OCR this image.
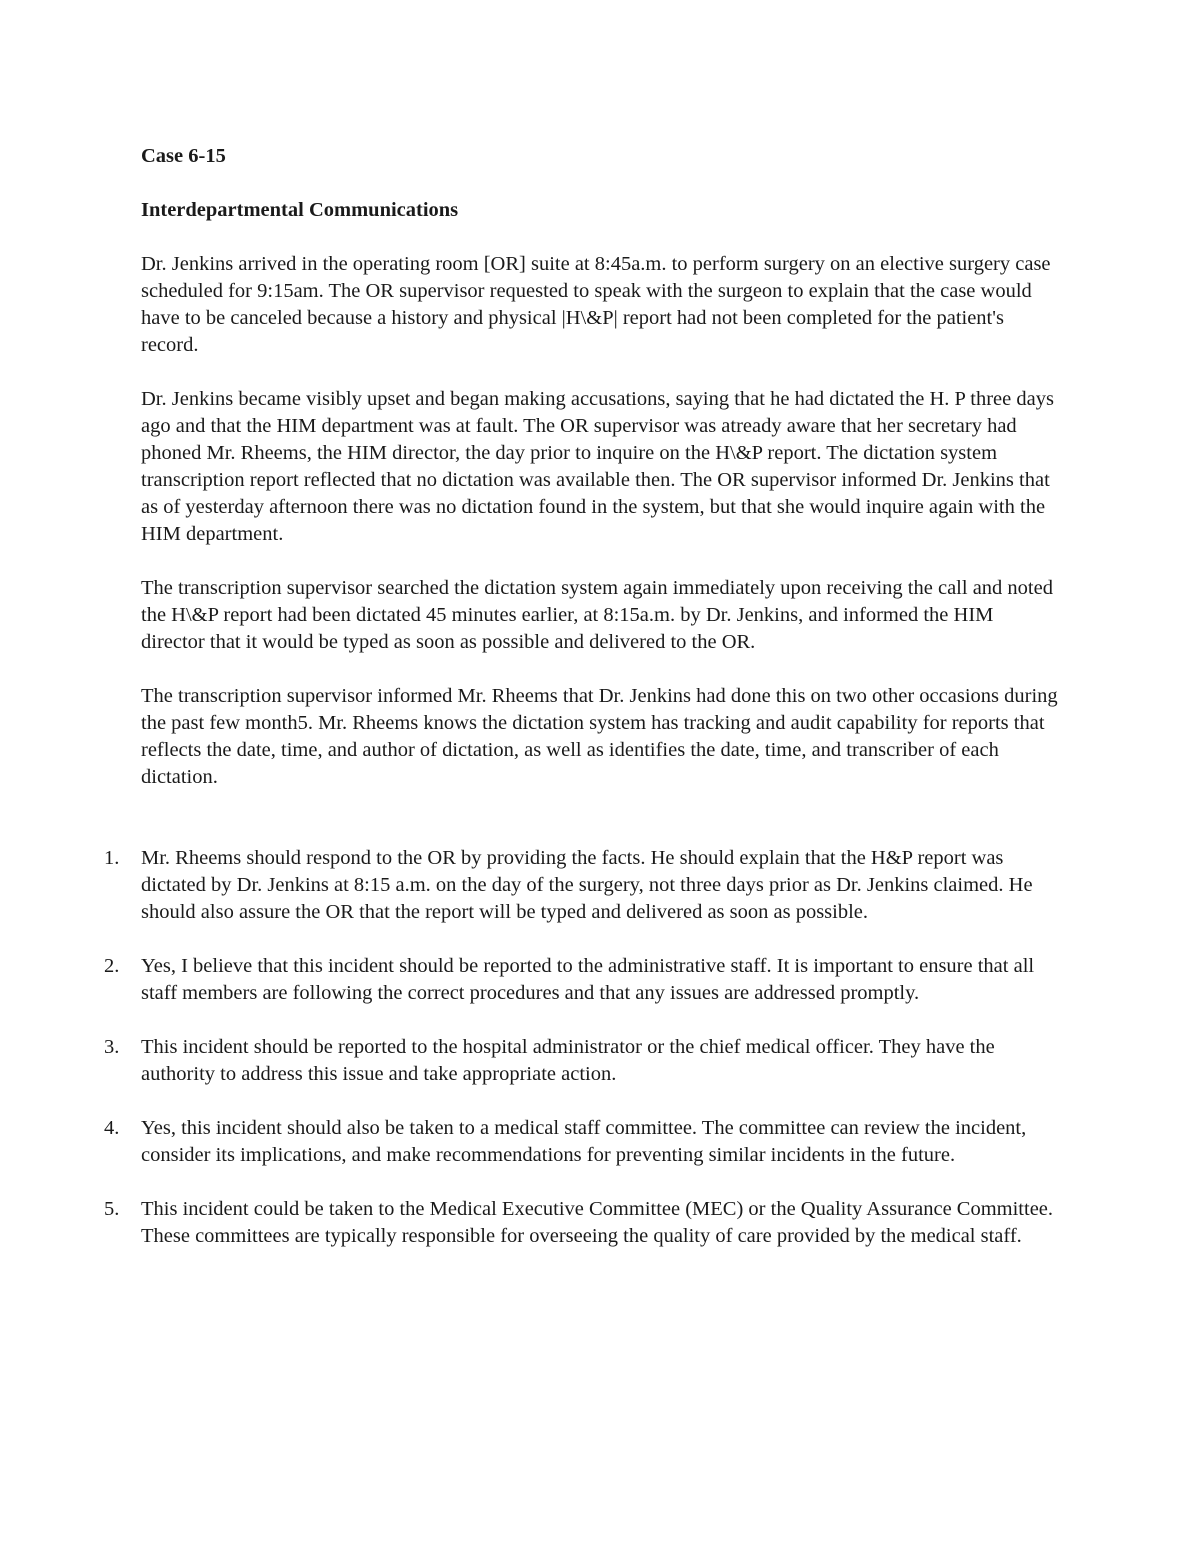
Case 6-15
Interdepartmental Communications

Dr. Jenkins arrived in the operating room [OR] suite at 8:45a.m. to perform surgery on an elective surgery case scheduled for 9:15am. The OR supervisor requested to speak with the surgeon to explain that the case would have to be canceled because a history and physical |H\&P| report had not been completed for the patient's record.

Dr. Jenkins became visibly upset and began making accusations, saying that he had dictated the H. P three days ago and that the HIM department was at fault. The OR supervisor was atready aware that her secretary had phoned Mr. Rheems, the HIM director, the day prior to inquire on the H\&P report. The dictation system transcription report reflected that no dictation was available then. The OR supervisor informed Dr. Jenkins that as of yesterday afternoon there was no dictation found in the system, but that she would inquire again with the HIM department.

The transcription supervisor searched the dictation system again immediately upon receiving the call and noted the H\&P report had been dictated 45 minutes earlier, at 8:15a.m. by Dr. Jenkins, and informed the HIM director that it would be typed as soon as possible and delivered to the OR.

The transcription supervisor informed Mr. Rheems that Dr. Jenkins had done this on two other occasions during the past few month5. Mr. Rheems knows the dictation system has tracking and audit capability for reports that reflects the date, time, and author of dictation, as well as identifies the date, time, and transcriber of each dictation.

1.	Mr. Rheems should respond to the OR by providing the facts. He should explain that the H&P report was dictated by Dr. Jenkins at 8:15 a.m. on the day of the surgery, not three days prior as Dr. Jenkins claimed. He should also assure the OR that the report will be typed and delivered as soon as possible.
2.	Yes, I believe that this incident should be reported to the administrative staff. It is important to ensure that all staff members are following the correct procedures and that any issues are addressed promptly.
3.	This incident should be reported to the hospital administrator or the chief medical officer. They have the authority to address this issue and take appropriate action.
4.	Yes, this incident should also be taken to a medical staff committee. The committee can review the incident, consider its implications, and make recommendations for preventing similar incidents in the future.
5.	This incident could be taken to the Medical Executive Committee (MEC) or the Quality Assurance Committee. These committees are typically responsible for overseeing the quality of care provided by the medical staff.
